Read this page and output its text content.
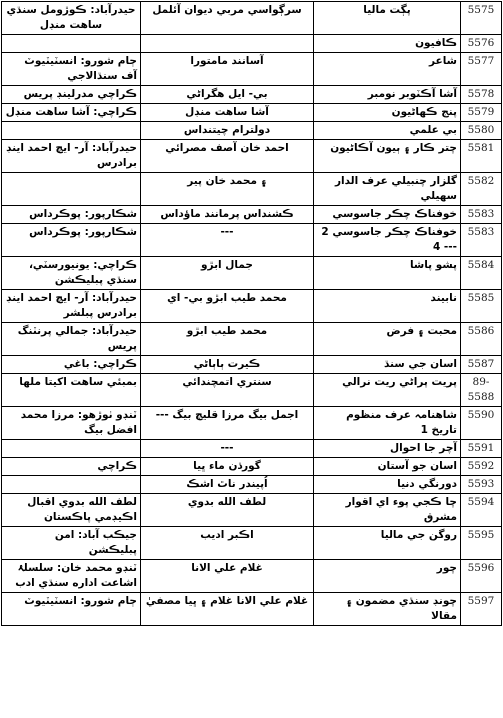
حيدرآباد: ڪوڙومل سنڌي ساهت منڊل	سرڳواسي مربي ديوان آئلمل	پڳت ماليا	5575
		ڪافيون	5576
ڄام شورو: انسٽيٽيوٽ آف سنڌالاجي	آسانند مامتورا	شاعر	5577
ڪراچي مدرلينڊ پريس	بي- ايل هگراڻي	آشا آڪٽوبر نومبر	5578
ڪراچي: آشا ساهت منڊل	آشا ساهت منڊل	پنج ڪهاڻيون	5579
	دولترام چيتنداس	بي علمي	5580
حيدرآباد: آر- ايچ احمد اينڊ برادرس	احمد خان آصف مصرائي	چتر ڪار ۽ ٻيون آڪاڻيون	5581
	۽ محمد خان پير	گلزار چنبيلي عرف الدار سهيلي	5582
شڪارپور: پوڪرداس	ڪشنداس پرمانند ماؤداس	خوفناڪ چڪر جاسوسي	5583
شڪارپور: پوڪرداس	---	خوفناڪ چڪر جاسوسي 2 --- 4	5583
ڪراچي: يونيورسٽي، سنڌي پبليڪشن	جمال ابڙو	پشو پاشا	5584
حيدرآباد: آر- ايچ احمد اينڊ برادرس پبلشر	محمد طيب ابڙو بي- اي	نابيند	5585
حيدرآباد: جمالي پرنٽنگ پريس	محمد طيب ابڙو	محبت ۽ فرض	5586
ڪراچي: باغي	ڪيرت ٻاٻاڻي	اسان جي سنڌ	5587
بمبئي ساهت اکيتا ملها	سنتري اتمچندائي	پريت پراڻي ريت نرالي	89-5588
ٽنڊو ٺوڙهو: مرزا محمد افضل بيگ	اجمل بيگ مرزا قليچ بيگ ---	شاهنامہ عرف منظوم تاريخ 1	5590
	---	آچر جا احوال	5591
ڪراچي	گورڌن ماء ڀيا	اسان جو آستان	5592
	اُپيندر ناٿ اشڪ	دورنگي دنيا	5593
لطف الله بدوي اقبال اڪيڊمي پاڪستان	لطف الله بدوي	چا ڪجي پوء اي اقوار مشرق	5594
جيڪب آباد: امن پبليڪشن	اڪبر اديب	روگن جي ماليا	5595
ٽنڊو محمد خان: سلسلۂ اشاعت اداره سنڌي ادب	غلام علي الانا	چور	5596
ڄام شورو: انسٽيٽيوٽ	غلام علي الانا غلام ۽ ڀيا مصفيٰ	چونڊ سنڌي مضمون ۽ مقالا	5597
